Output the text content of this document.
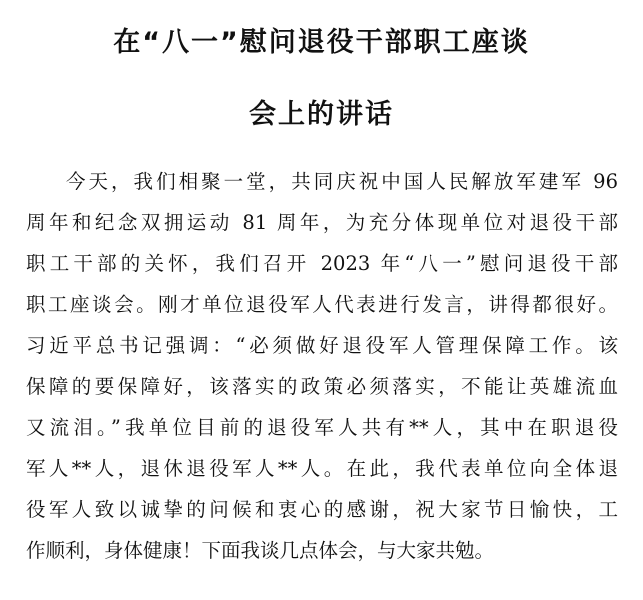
在“八一”慰问退役干部职工座谈
会上的讲话
今天，我们相聚一堂，共同庆祝中国人民解放军建军 96
周年和纪念双拥运动 81 周年，为充分体现单位对退役干部
职工干部的关怀，我们召开 2023 年“八一”慰问退役干部
职工座谈会。刚才单位退役军人代表进行发言，讲得都很好。
习近平总书记强调：“必须做好退役军人管理保障工作。该
保障的要保障好，该落实的政策必须落实，不能让英雄流血
又流泪。”我单位目前的退役军人共有**人，其中在职退役
军人**人，退休退役军人**人。在此，我代表单位向全体退
役军人致以诚挚的问候和衷心的感谢，祝大家节日愉快，工
作顺利，身体健康！下面我谈几点体会，与大家共勉。
